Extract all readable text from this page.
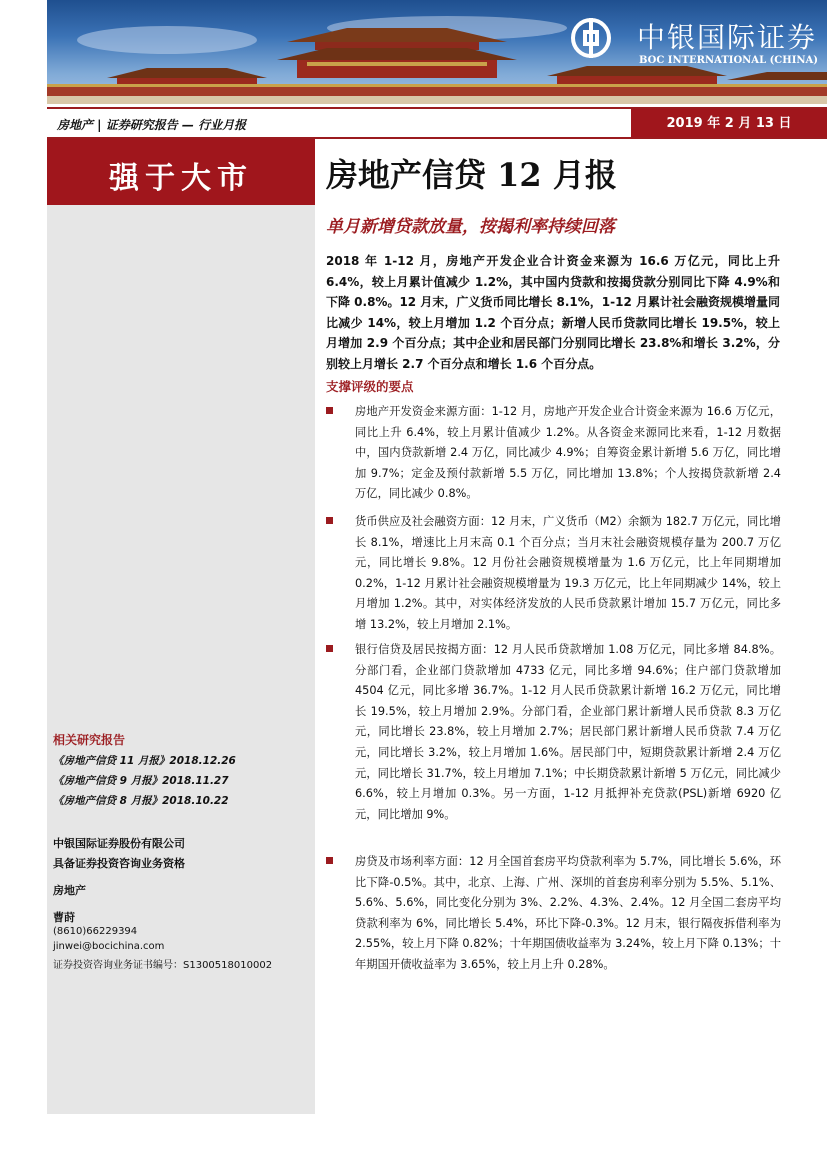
中银国际证券
BOC INTERNATIONAL (CHINA)
房地产 | 证券研究报告 — 行业月报	2019 年 2 月 13 日
强于大市
相关研究报告
《房地产信贷 11 月报》2018.12.26
《房地产信贷 9 月报》2018.11.27
《房地产信贷 8 月报》2018.10.22
中银国际证券股份有限公司
具备证券投资咨询业务资格
房地产
曹莳
(8610)66229394
jinwei@bocichina.com
证券投资咨询业务证书编号：S1300518010002
房地产信贷 12 月报
单月新增贷款放量，按揭利率持续回落
2018 年 1-12 月，房地产开发企业合计资金来源为 16.6 万亿元，同比上升 6.4%，较上月累计值减少 1.2%，其中国内贷款和按揭贷款分别同比下降 4.9%和下降 0.8%。12 月末，广义货币同比增长 8.1%，1-12 月累计社会融资规模增量同比减少 14%，较上月增加 1.2 个百分点；新增人民币贷款同比增长 19.5%，较上月增加 2.9 个百分点；其中企业和居民部门分别同比增长 23.8%和增长 3.2%，分别较上月增长 2.7 个百分点和增长 1.6 个百分点。
支撑评级的要点
房地产开发资金来源方面：1-12 月，房地产开发企业合计资金来源为 16.6 万亿元，同比上升 6.4%，较上月累计值减少 1.2%。从各资金来源同比来看，1-12 月数据中，国内贷款新增 2.4 万亿，同比减少 4.9%；自筹资金累计新增 5.6 万亿，同比增加 9.7%；定金及预付款新增 5.5 万亿，同比增加 13.8%；个人按揭贷款新增 2.4 万亿，同比减少 0.8%。
货币供应及社会融资方面：12 月末，广义货币（M2）余额为 182.7 万亿元，同比增长 8.1%，增速比上月末高 0.1 个百分点；当月末社会融资规模存量为 200.7 万亿元，同比增长 9.8%。12 月份社会融资规模增量为 1.6 万亿元，比上年同期增加 0.2%，1-12 月累计社会融资规模增量为 19.3 万亿元，比上年同期减少 14%，较上月增加 1.2%。其中，对实体经济发放的人民币贷款累计增加 15.7 万亿元，同比多增 13.2%，较上月增加 2.1%。
银行信贷及居民按揭方面：12 月人民币贷款增加 1.08 万亿元，同比多增 84.8%。分部门看，企业部门贷款增加 4733 亿元，同比多增 94.6%；住户部门贷款增加 4504 亿元，同比多增 36.7%。1-12 月人民币贷款累计新增 16.2 万亿元，同比增长 19.5%，较上月增加 2.9%。分部门看，企业部门累计新增人民币贷款 8.3 万亿元，同比增长 23.8%，较上月增加 2.7%；居民部门累计新增人民币贷款 7.4 万亿元，同比增长 3.2%，较上月增加 1.6%。居民部门中，短期贷款累计新增 2.4 万亿元，同比增长 31.7%，较上月增加 7.1%；中长期贷款累计新增 5 万亿元，同比减少 6.6%，较上月增加 0.3%。另一方面，1-12 月抵押补充贷款(PSL)新增 6920 亿元，同比增加 9%。
房贷及市场利率方面：12 月全国首套房平均贷款利率为 5.7%，同比增长 5.6%，环比下降-0.5%。其中，北京、上海、广州、深圳的首套房利率分别为 5.5%、5.1%、5.6%、5.6%，同比变化分别为 3%、2.2%、4.3%、2.4%。12 月全国二套房平均贷款利率为 6%，同比增长 5.4%，环比下降-0.3%。12 月末，银行隔夜拆借利率为 2.55%，较上月下降 0.82%；十年期国债收益率为 3.24%，较上月下降 0.13%；十年期国开债收益率为 3.65%，较上月上升 0.28%。
